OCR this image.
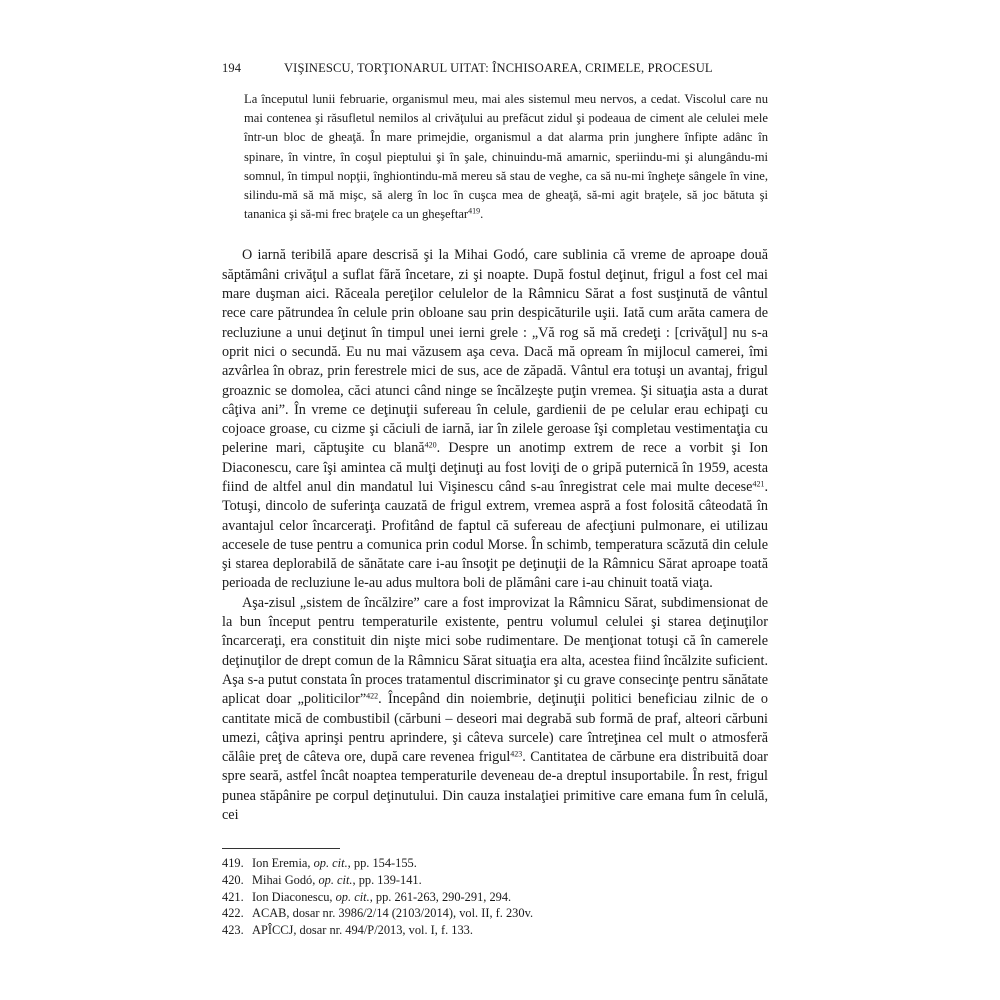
194	VIŞINESCU, TORŢIONARUL UITAT: ÎNCHISOAREA, CRIMELE, PROCESUL
La începutul lunii februarie, organismul meu, mai ales sistemul meu nervos, a cedat. Viscolul care nu mai contenea şi răsufletul nemilos al crivăţului au prefăcut zidul şi podeaua de ciment ale celulei mele într-un bloc de gheaţă. În mare primejdie, organismul a dat alarma prin junghere înfipte adânc în spinare, în vintre, în coşul pieptului şi în şale, chinuindu-mă amarnic, speriindu-mi şi alungându-mi somnul, în timpul nopţii, înghiontindu-mă mereu să stau de veghe, ca să nu-mi îngheţe sângele în vine, silindu-mă să mă mişc, să alerg în loc în cuşca mea de gheaţă, să-mi agit braţele, să joc bătuta şi tananica şi să-mi frec braţele ca un gheşeftar$^{419}$.

O iarnă teribilă apare descrisă şi la Mihai Godó, care sublinia că vreme de aproape două săptămâni crivăţul a suflat fără încetare, zi şi noapte. După fostul deţinut, frigul a fost cel mai mare duşman aici. Răceala pereţilor celulelor de la Râmnicu Sărat a fost susţinută de vântul rece care pătrundea în celule prin obloane sau prin despicăturile uşii. Iată cum arăta camera de recluziune a unui deţinut în timpul unei ierni grele : „Vă rog să mă credeţi : [crivăţul] nu s-a oprit nici o secundă. Eu nu mai văzusem aşa ceva. Dacă mă opream în mijlocul camerei, îmi azvârlea în obraz, prin ferestrele mici de sus, ace de zăpadă. Vântul era totuşi un avantaj, frigul groaznic se domolea, căci atunci când ninge se încălzeşte puţin vremea. Şi situaţia asta a durat câţiva ani”. În vreme ce deţinuţii sufereau în celule, gardienii de pe celular erau echipaţi cu cojoace groase, cu cizme şi căciuli de iarnă, iar în zilele geroase îşi completau vestimentaţia cu pelerine mari, căptuşite cu blană$^{420}$. Despre un anotimp extrem de rece a vorbit şi Ion Diaconescu, care îşi amintea că mulţi deţinuţi au fost loviţi de o gripă puternică în 1959, acesta fiind de altfel anul din mandatul lui Vişinescu când s-au înregistrat cele mai multe decese$^{421}$. Totuşi, dincolo de suferinţa cauzată de frigul extrem, vremea aspră a fost folosită câteodată în avantajul celor încarceraţi. Profitând de faptul că sufereau de afecţiuni pulmonare, ei utilizau accesele de tuse pentru a comunica prin codul Morse. În schimb, temperatura scăzută din celule şi starea deplorabilă de sănătate care i-au însoţit pe deţinuţii de la Râmnicu Sărat aproape toată perioada de recluziune le-au adus multora boli de plămâni care i-au chinuit toată viaţa.

Aşa-zisul „sistem de încălzire” care a fost improvizat la Râmnicu Sărat, subdimensionat de la bun început pentru temperaturile existente, pentru volumul celulei şi starea deţinuţilor încarceraţi, era constituit din nişte mici sobe rudimentare. De menţionat totuşi că în camerele deţinuţilor de drept comun de la Râmnicu Sărat situaţia era alta, acestea fiind încălzite suficient. Aşa s-a putut constata în proces tratamentul discriminator şi cu grave consecinţe pentru sănătate aplicat doar „politicilor”$^{422}$. Începând din noiembrie, deţinuţii politici beneficiau zilnic de o cantitate mică de combustibil (cărbuni – deseori mai degrabă sub formă de praf, alteori cărbuni umezi, câţiva aprinşi pentru aprindere, şi câteva surcele) care întreţinea cel mult o atmosferă călâie preţ de câteva ore, după care revenea frigul$^{423}$. Cantitatea de cărbune era distribuită doar spre seară, astfel încât noaptea temperaturile deveneau de-a dreptul insuportabile. În rest, frigul punea stăpânire pe corpul deţinutului. Din cauza instalaţiei primitive care emana fum în celulă, cei

419. Ion Eremia, op. cit., pp. 154-155.
420. Mihai Godó, op. cit., pp. 139-141.
421. Ion Diaconescu, op. cit., pp. 261-263, 290-291, 294.
422. ACAB, dosar nr. 3986/2/14 (2103/2014), vol. II, f. 230v.
423. APÎCCJ, dosar nr. 494/P/2013, vol. I, f. 133.
